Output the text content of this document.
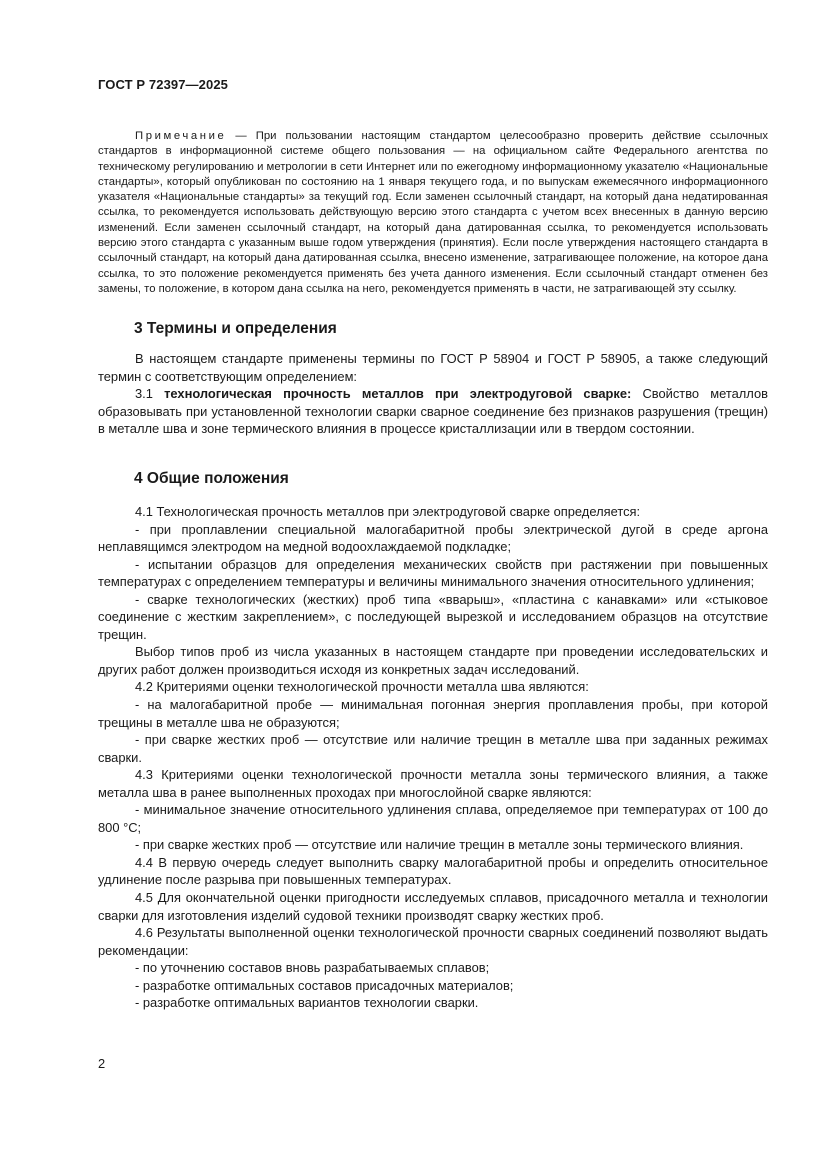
ГОСТ Р 72397—2025
Примечание — При пользовании настоящим стандартом целесообразно проверить действие ссылочных стандартов в информационной системе общего пользования — на официальном сайте Федерального агентства по техническому регулированию и метрологии в сети Интернет или по ежегодному информационному указателю «Национальные стандарты», который опубликован по состоянию на 1 января текущего года, и по выпускам ежемесячного информационного указателя «Национальные стандарты» за текущий год. Если заменен ссылочный стандарт, на который дана недатированная ссылка, то рекомендуется использовать действующую версию этого стандарта с учетом всех внесенных в данную версию изменений. Если заменен ссылочный стандарт, на который дана датированная ссылка, то рекомендуется использовать версию этого стандарта с указанным выше годом утверждения (принятия). Если после утверждения настоящего стандарта в ссылочный стандарт, на который дана датированная ссылка, внесено изменение, затрагивающее положение, на которое дана ссылка, то это положение рекомендуется применять без учета данного изменения. Если ссылочный стандарт отменен без замены, то положение, в котором дана ссылка на него, рекомендуется применять в части, не затрагивающей эту ссылку.
3 Термины и определения

В настоящем стандарте применены термины по ГОСТ Р 58904 и ГОСТ Р 58905, а также следующий термин с соответствующим определением:

3.1 технологическая прочность металлов при электродуговой сварке: Свойство металлов образовывать при установленной технологии сварки сварное соединение без признаков разрушения (трещин) в металле шва и зоне термического влияния в процессе кристаллизации или в твердом состоянии.

4 Общие положения

4.1 Технологическая прочность металлов при электродуговой сварке определяется:

- при проплавлении специальной малогабаритной пробы электрической дугой в среде аргона неплавящимся электродом на медной водоохлаждаемой подкладке;

- испытании образцов для определения механических свойств при растяжении при повышенных температурах с определением температуры и величины минимального значения относительного удлинения;

- сварке технологических (жестких) проб типа «вварыш», «пластина с канавками» или «стыковое соединение с жестким закреплением», с последующей вырезкой и исследованием образцов на отсутствие трещин.

Выбор типов проб из числа указанных в настоящем стандарте при проведении исследовательских и других работ должен производиться исходя из конкретных задач исследований.

4.2 Критериями оценки технологической прочности металла шва являются:

- на малогабаритной пробе — минимальная погонная энергия проплавления пробы, при которой трещины в металле шва не образуются;

- при сварке жестких проб — отсутствие или наличие трещин в металле шва при заданных режимах сварки.

4.3 Критериями оценки технологической прочности металла зоны термического влияния, а также металла шва в ранее выполненных проходах при многослойной сварке являются:

- минимальное значение относительного удлинения сплава, определяемое при температурах от 100 до 800 °С;

- при сварке жестких проб — отсутствие или наличие трещин в металле зоны термического влияния.

4.4 В первую очередь следует выполнить сварку малогабаритной пробы и определить относительное удлинение после разрыва при повышенных температурах.

4.5 Для окончательной оценки пригодности исследуемых сплавов, присадочного металла и технологии сварки для изготовления изделий судовой техники производят сварку жестких проб.

4.6 Результаты выполненной оценки технологической прочности сварных соединений позволяют выдать рекомендации:

- по уточнению составов вновь разрабатываемых сплавов;

- разработке оптимальных составов присадочных материалов;

- разработке оптимальных вариантов технологии сварки.

2
